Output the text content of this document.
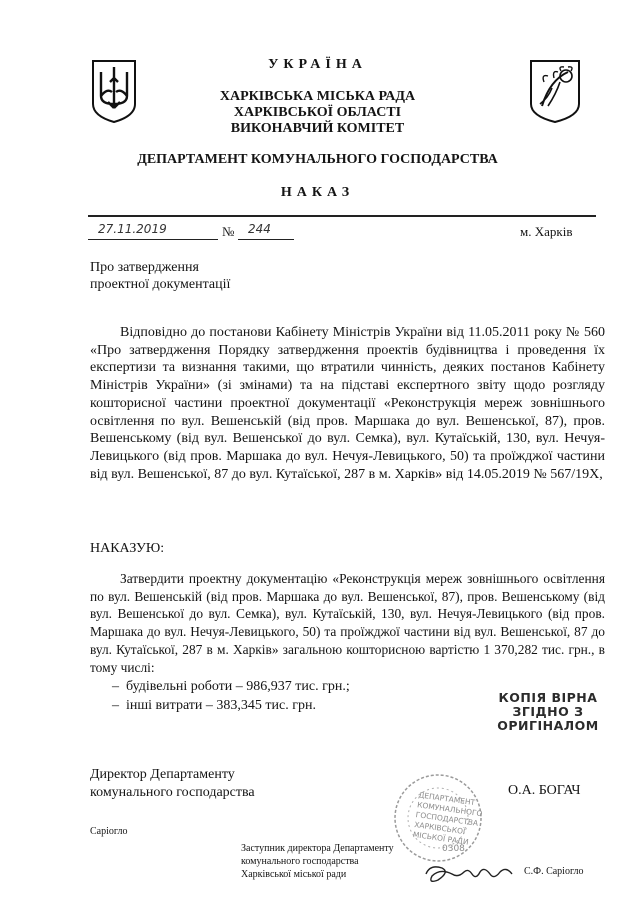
УКРАЇНА
ХАРКІВСЬКА МІСЬКА РАДА
ХАРКІВСЬКОЇ ОБЛАСТІ
ВИКОНАВЧИЙ КОМІТЕТ
ДЕПАРТАМЕНТ КОМУНАЛЬНОГО ГОСПОДАРСТВА
НАКАЗ
27.11.2019	№ 244	м. Харків
Про затвердження
проектної документації
Відповідно до постанови Кабінету Міністрів України від 11.05.2011 року № 560 «Про затвердження Порядку затвердження проектів будівництва і проведення їх експертизи та визнання такими, що втратили чинність, деяких постанов Кабінету Міністрів України» (зі змінами) та на підставі експертного звіту щодо розгляду кошторисної частини проектної документації «Реконструкція мереж зовнішнього освітлення по вул. Вешенській (від пров. Маршака до вул. Вешенської, 87), пров. Вешенському (від вул. Вешенської до вул. Семка), вул. Кутаїській, 130, вул. Нечуя-Левицького (від пров. Маршака до вул. Нечуя-Левицького, 50) та проїжджої частини від вул. Вешенської, 87 до вул. Кутаїської, 287 в м. Харків» від 14.05.2019 № 567/19Х,
НАКАЗУЮ:
Затвердити проектну документацію «Реконструкція мереж зовнішнього освітлення по вул. Вешенській (від пров. Маршака до вул. Вешенської, 87), пров. Вешенському (від вул. Вешенської до вул. Семка), вул. Кутаїській, 130, вул. Нечуя-Левицького (від пров. Маршака до вул. Нечуя-Левицького, 50) та проїжджої частини від вул. Вешенської, 87 до вул. Кутаїської, 287 в м. Харків» загальною кошторисною вартістю 1 370,282 тис. грн., в тому числі:
–  будівельні роботи – 986,937 тис. грн.;
–  інші витрати – 383,345 тис. грн.
КОПІЯ ВІРНА
ЗГІДНО З
ОРИГІНАЛОМ
Директор Департаменту
комунального господарства	О.А. БОГАЧ
ДЕПАРТАМЕНТ КОМУНАЛЬНОГО ГОСПОДАРСТВА ХАРКІВСЬКОЇ МІСЬКОЇ РАДИ
0308
Саріогло
Заступник директора Департаменту
комунального господарства
Харківської міської ради	С.Ф. Саріогло
